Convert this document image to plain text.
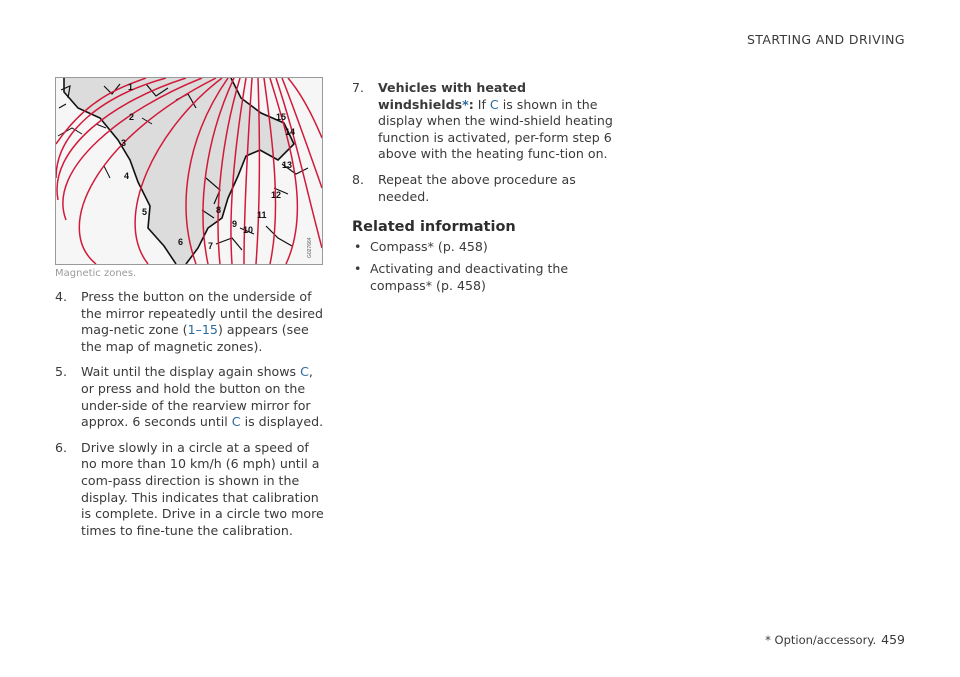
STARTING AND DRIVING
1
2
3
4
5
6	7
8
9
10
11
12
13
14
15
G027664
Magnetic zones.
4. Press the button on the underside of the mirror repeatedly until the desired mag-netic zone (1–15) appears (see the map of magnetic zones).
5. Wait until the display again shows C, or press and hold the button on the under-side of the rearview mirror for approx. 6 seconds until C is displayed.
6. Drive slowly in a circle at a speed of no more than 10 km/h (6 mph) until a com-pass direction is shown in the display. This indicates that calibration is complete. Drive in a circle two more times to fine-tune the calibration.
7. Vehicles with heated windshields*: If C is shown in the display when the wind-shield heating function is activated, per-form step 6 above with the heating func-tion on.
8. Repeat the above procedure as needed.
Related information
• Compass* (p. 458)
• Activating and deactivating the compass* (p. 458)
* Option/accessory. 459
